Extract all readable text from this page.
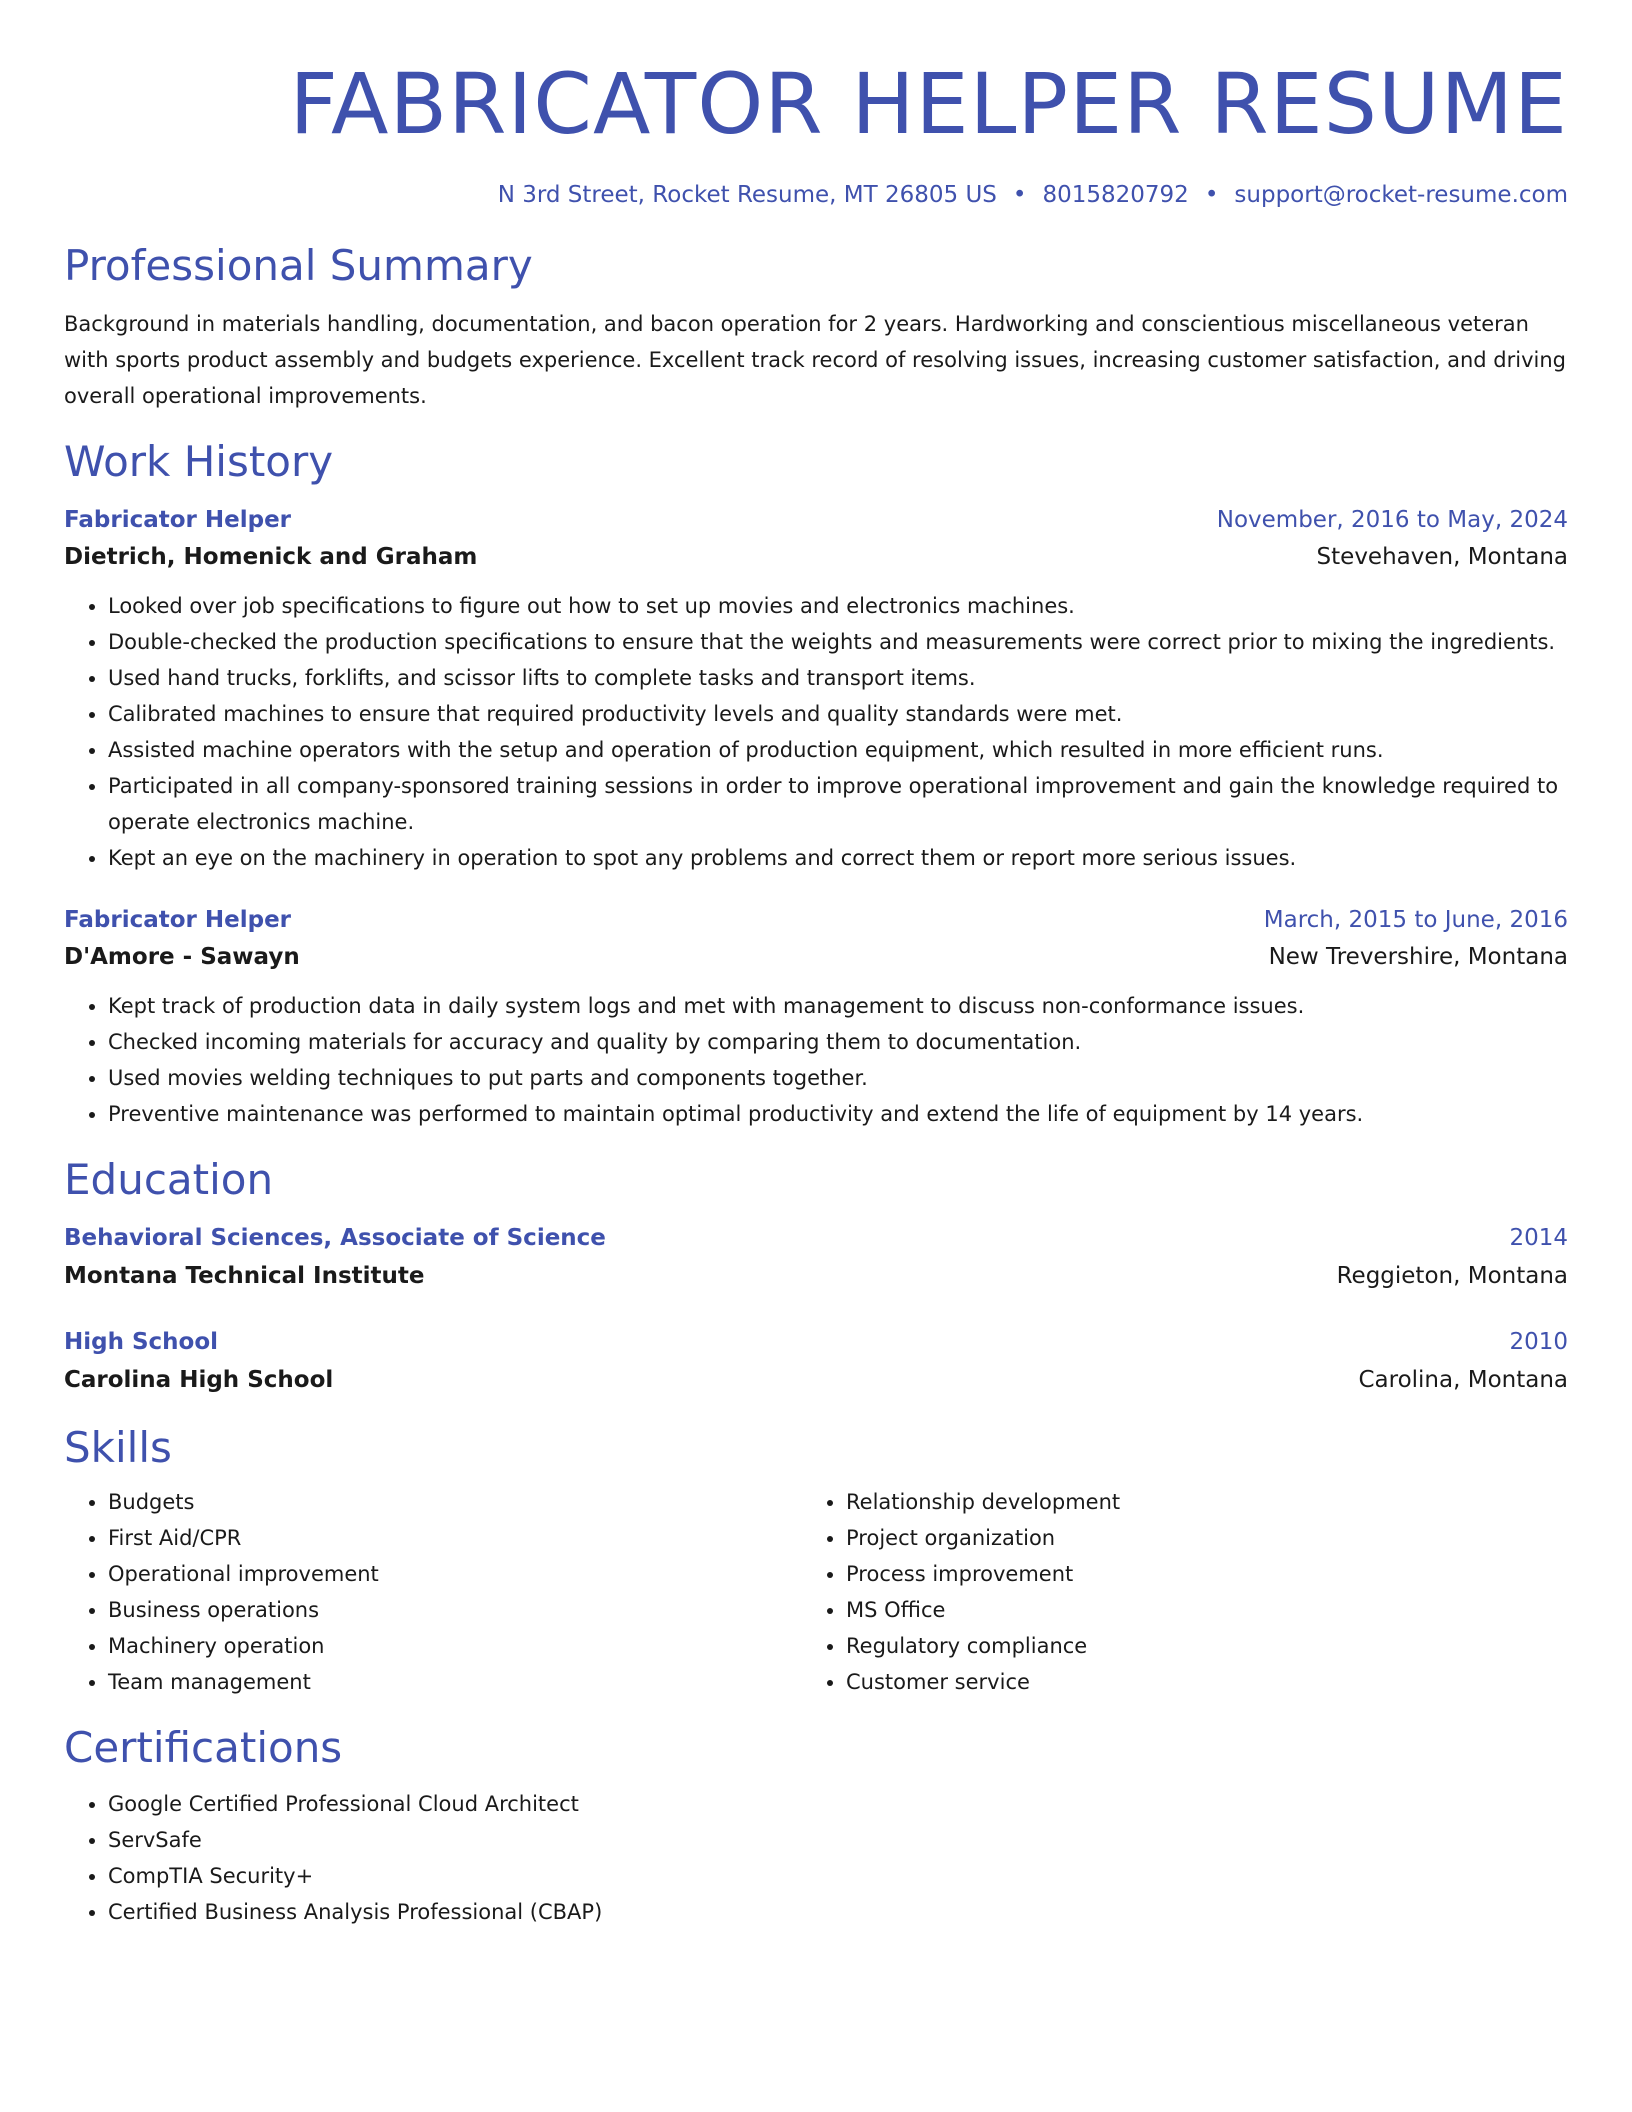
FABRICATOR HELPER RESUME
N 3rd Street, Rocket Resume, MT 26805 US • 8015820792 • support@rocket-resume.com
Professional Summary
Background in materials handling, documentation, and bacon operation for 2 years. Hardworking and conscientious miscellaneous veteran with sports product assembly and budgets experience. Excellent track record of resolving issues, increasing customer satisfaction, and driving overall operational improvements.
Work History
Fabricator Helper	November, 2016 to May, 2024
Dietrich, Homenick and Graham	Stevehaven, Montana
• Looked over job specifications to figure out how to set up movies and electronics machines.
• Double-checked the production specifications to ensure that the weights and measurements were correct prior to mixing the ingredients.
• Used hand trucks, forklifts, and scissor lifts to complete tasks and transport items.
• Calibrated machines to ensure that required productivity levels and quality standards were met.
• Assisted machine operators with the setup and operation of production equipment, which resulted in more efficient runs.
• Participated in all company-sponsored training sessions in order to improve operational improvement and gain the knowledge required to operate electronics machine.
• Kept an eye on the machinery in operation to spot any problems and correct them or report more serious issues.
Fabricator Helper	March, 2015 to June, 2016
D'Amore - Sawayn	New Trevershire, Montana
• Kept track of production data in daily system logs and met with management to discuss non-conformance issues.
• Checked incoming materials for accuracy and quality by comparing them to documentation.
• Used movies welding techniques to put parts and components together.
• Preventive maintenance was performed to maintain optimal productivity and extend the life of equipment by 14 years.
Education
Behavioral Sciences, Associate of Science	2014
Montana Technical Institute	Reggieton, Montana
High School	2010
Carolina High School	Carolina, Montana
Skills
• Budgets
• First Aid/CPR
• Operational improvement
• Business operations
• Machinery operation
• Team management
• Relationship development
• Project organization
• Process improvement
• MS Office
• Regulatory compliance
• Customer service
Certifications
• Google Certified Professional Cloud Architect
• ServSafe
• CompTIA Security+
• Certified Business Analysis Professional (CBAP)
